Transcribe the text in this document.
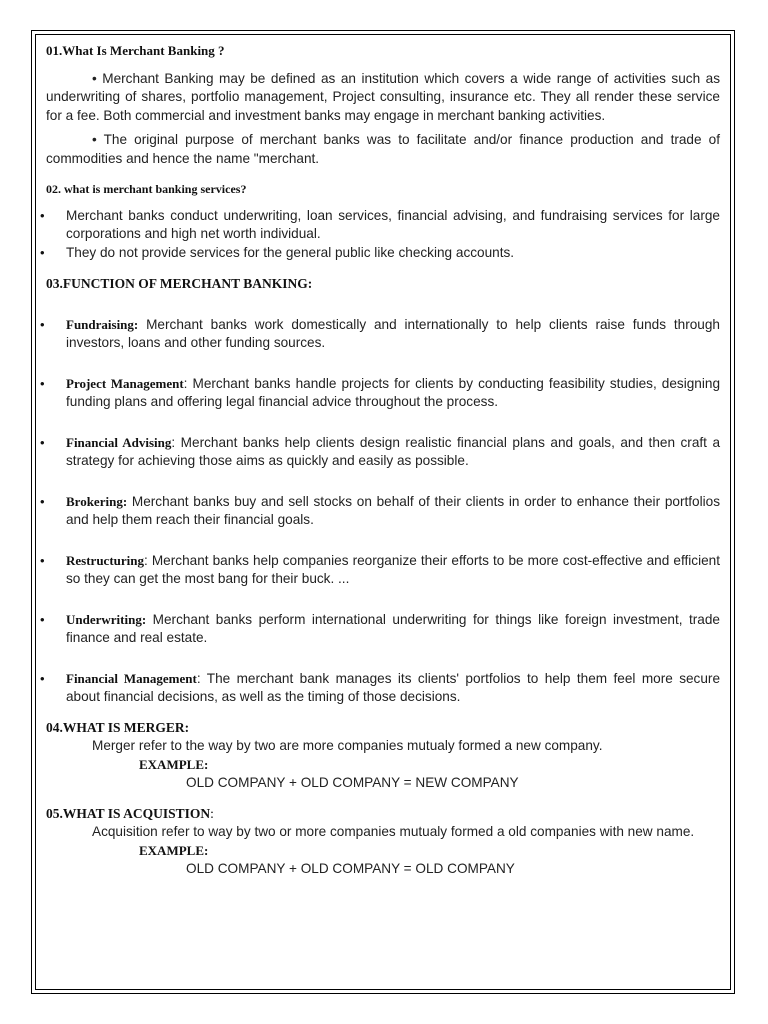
01.What Is Merchant Banking ?

• Merchant Banking may be defined as an institution which covers a wide range of activities such as underwriting of shares, portfolio management, Project consulting, insurance etc. They all render these service for a fee. Both commercial and investment banks may engage in merchant banking activities.

• The original purpose of merchant banks was to facilitate and/or finance production and trade of commodities and hence the name "merchant.

02. what is merchant banking services?
• Merchant banks conduct underwriting, loan services, financial advising, and fundraising services for large corporations and high net worth individual.
• They do not provide services for the general public like checking accounts.
03.FUNCTION OF MERCHANT BANKING:
• Fundraising: Merchant banks work domestically and internationally to help clients raise funds through investors, loans and other funding sources.
• Project Management: Merchant banks handle projects for clients by conducting feasibility studies, designing funding plans and offering legal financial advice throughout the process.
• Financial Advising: Merchant banks help clients design realistic financial plans and goals, and then craft a strategy for achieving those aims as quickly and easily as possible.
• Brokering: Merchant banks buy and sell stocks on behalf of their clients in order to enhance their portfolios and help them reach their financial goals.
• Restructuring: Merchant banks help companies reorganize their efforts to be more cost-effective and efficient so they can get the most bang for their buck. ...
• Underwriting: Merchant banks perform international underwriting for things like foreign investment, trade finance and real estate.
• Financial Management: The merchant bank manages its clients' portfolios to help them feel more secure about financial decisions, as well as the timing of those decisions.
04.WHAT IS MERGER:

Merger refer to the way by two are more companies mutualy formed a new company.

EXAMPLE:

OLD COMPANY + OLD COMPANY = NEW COMPANY

05.WHAT IS ACQUISTION:

Acquisition refer to way by two or more companies mutualy formed a old companies with new name.

EXAMPLE:

OLD COMPANY + OLD COMPANY = OLD COMPANY
